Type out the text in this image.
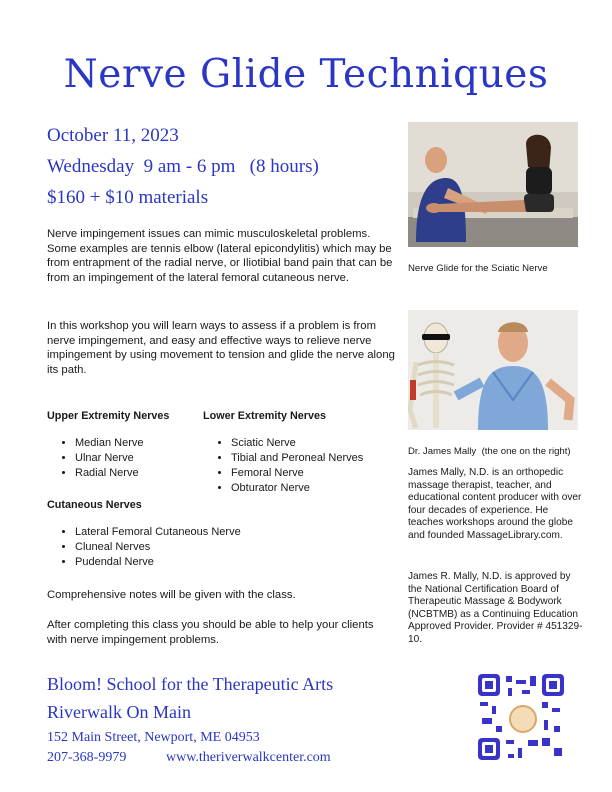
Nerve Glide Techniques
October 11, 2023
Wednesday  9 am - 6 pm   (8 hours)
$160 + $10 materials

Nerve impingement issues can mimic musculoskeletal problems. Some examples are tennis elbow (lateral epicondylitis) which may be from entrapment of the radial nerve, or Iliotibial band pain that can be from an impingement of the lateral femoral cutaneous nerve.

In this workshop you will learn ways to assess if a problem is from nerve impingement, and easy and effective ways to relieve nerve impingement by using movement to tension and glide the nerve along its path.

Upper Extremity Nerves
• Median Nerve
• Ulnar Nerve
• Radial Nerve
Lower Extremity Nerves
• Sciatic Nerve
• Tibial and Peroneal Nerves
• Femoral Nerve
• Obturator Nerve
Cutaneous Nerves
• Lateral Femoral Cutaneous Nerve
• Cluneal Nerves
• Pudendal Nerve
Comprehensive notes will be given with the class.
After completing this class you should be able to help your clients with nerve impingement problems.
Nerve Glide for the Sciatic Nerve
Dr. James Mally  (the one on the right)

James Mally, N.D. is an orthopedic massage therapist, teacher, and educational content producer with over four decades of experience. He teaches workshops around the globe and founded MassageLibrary.com.

James R. Mally, N.D. is approved by the National Certification Board of Therapeutic Massage & Bodywork (NCBTMB) as a Continuing Education Approved Provider. Provider # 451329-10.

Bloom! School for the Therapeutic Arts
Riverwalk On Main
152 Main Street, Newport, ME 04953
207-368-9979	www.theriverwalkcenter.com
